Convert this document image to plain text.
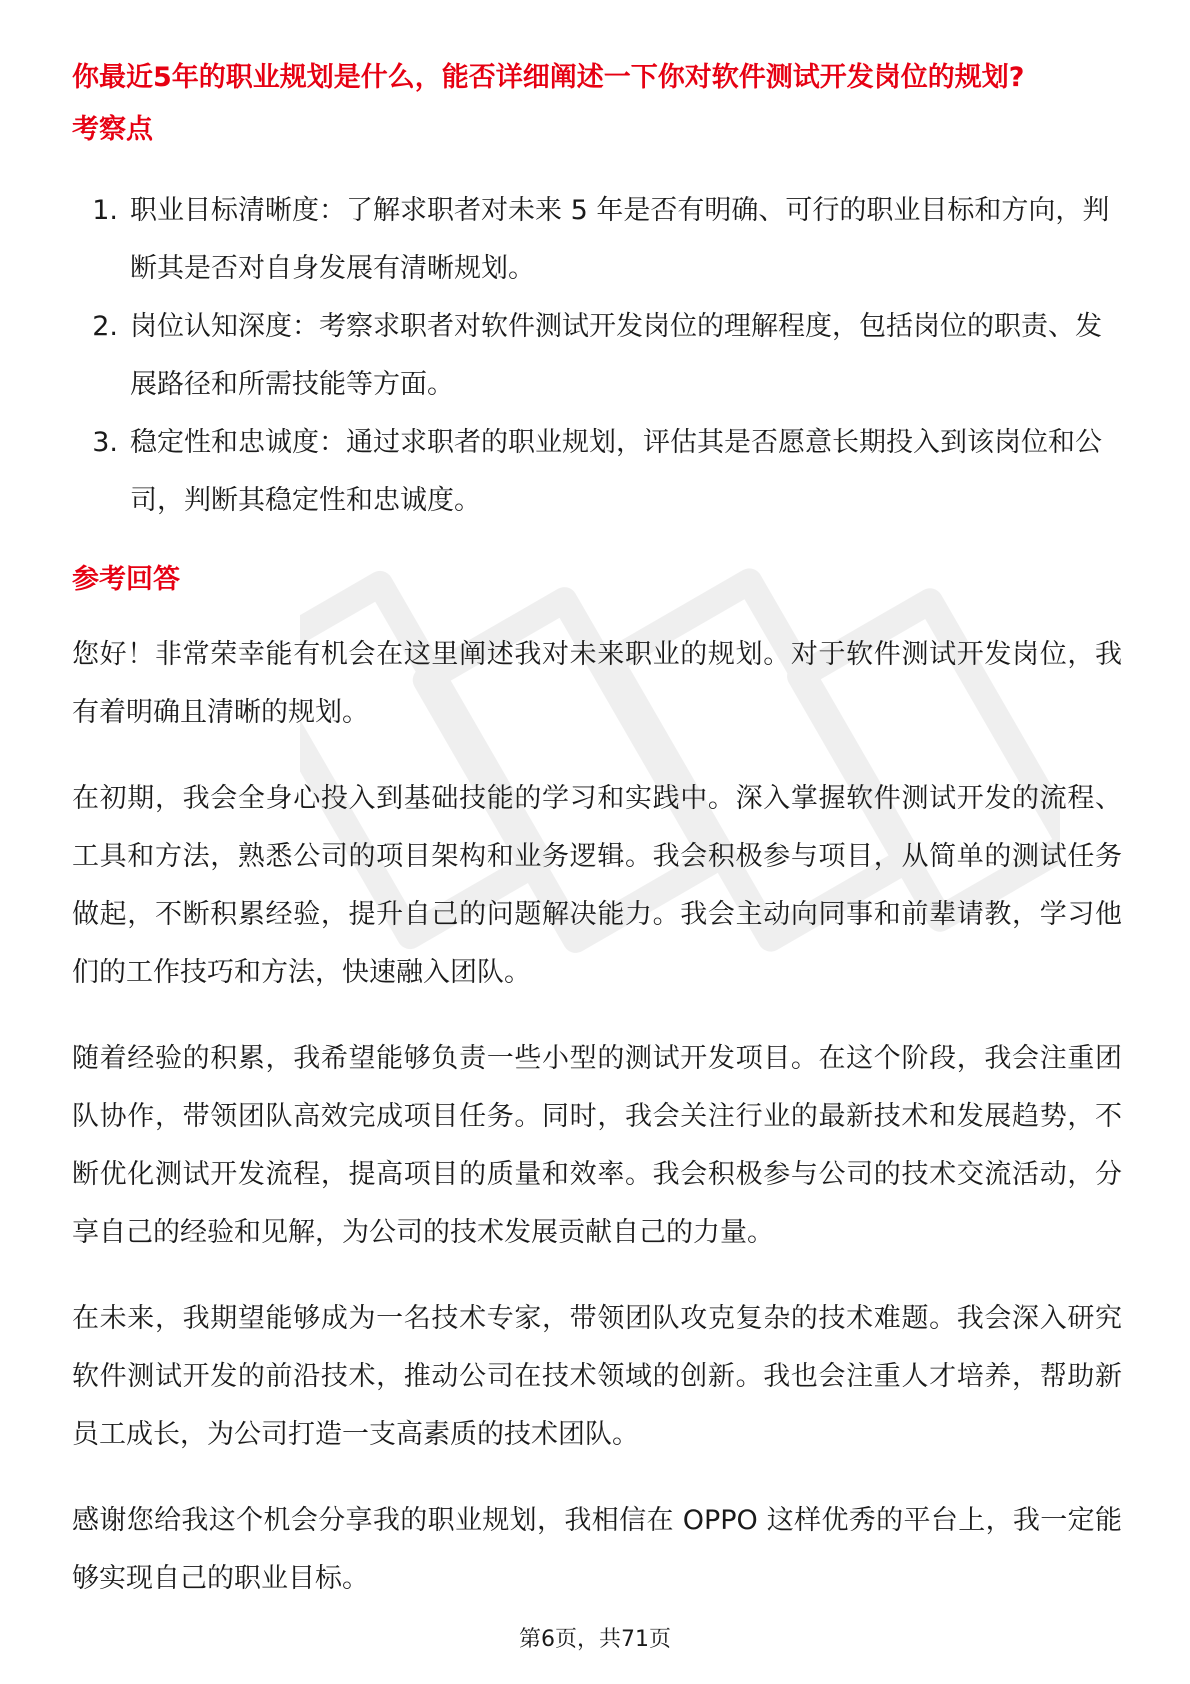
你最近5年的职业规划是什么，能否详细阐述一下你对软件测试开发岗位的规划?
考察点
1. 职业目标清晰度：了解求职者对未来 5 年是否有明确、可行的职业目标和方向，判断其是否对自身发展有清晰规划。
2. 岗位认知深度：考察求职者对软件测试开发岗位的理解程度，包括岗位的职责、发展路径和所需技能等方面。
3. 稳定性和忠诚度：通过求职者的职业规划，评估其是否愿意长期投入到该岗位和公司，判断其稳定性和忠诚度。
参考回答

您好！非常荣幸能有机会在这里阐述我对未来职业的规划。对于软件测试开发岗位，我有着明确且清晰的规划。

在初期，我会全身心投入到基础技能的学习和实践中。深入掌握软件测试开发的流程、工具和方法，熟悉公司的项目架构和业务逻辑。我会积极参与项目，从简单的测试任务做起，不断积累经验，提升自己的问题解决能力。我会主动向同事和前辈请教，学习他们的工作技巧和方法，快速融入团队。

随着经验的积累，我希望能够负责一些小型的测试开发项目。在这个阶段，我会注重团队协作，带领团队高效完成项目任务。同时，我会关注行业的最新技术和发展趋势，不断优化测试开发流程，提高项目的质量和效率。我会积极参与公司的技术交流活动，分享自己的经验和见解，为公司的技术发展贡献自己的力量。

在未来，我期望能够成为一名技术专家，带领团队攻克复杂的技术难题。我会深入研究软件测试开发的前沿技术，推动公司在技术领域的创新。我也会注重人才培养，帮助新员工成长，为公司打造一支高素质的技术团队。

感谢您给我这个机会分享我的职业规划，我相信在 OPPO 这样优秀的平台上，我一定能够实现自己的职业目标。

第6页，共71页
